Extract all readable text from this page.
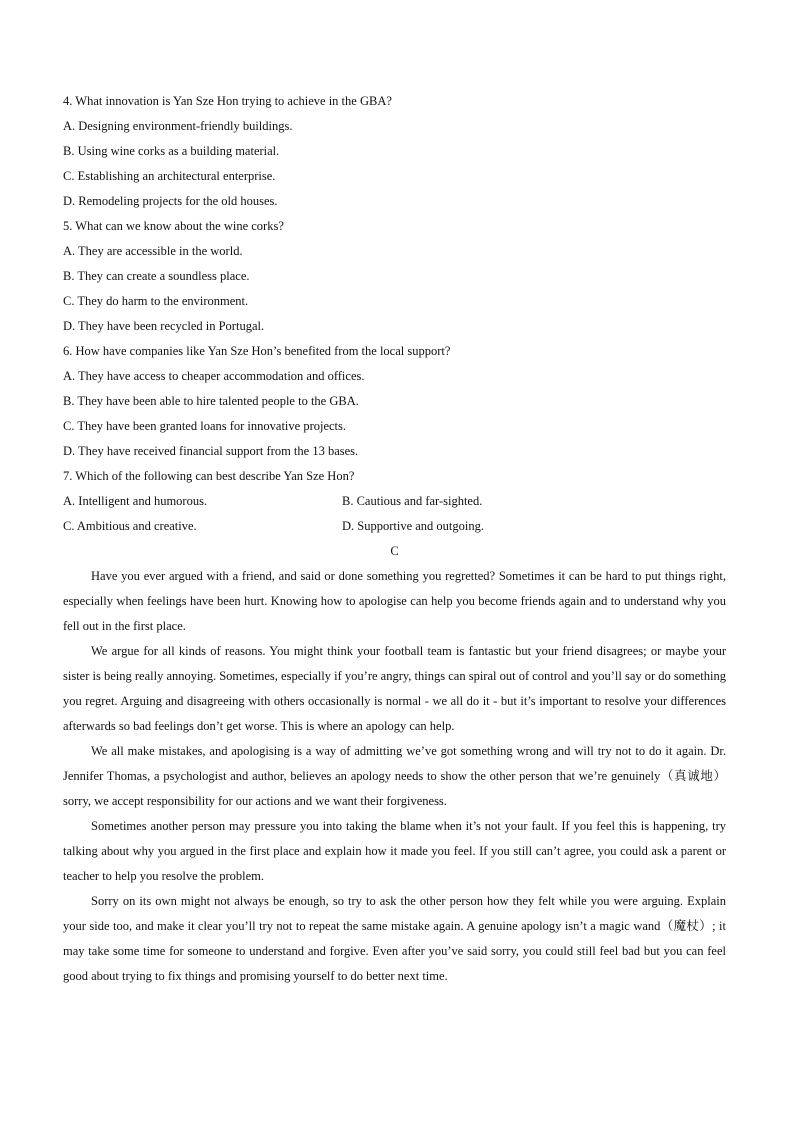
4. What innovation is Yan Sze Hon trying to achieve in the GBA?

A. Designing environment-friendly buildings.

B. Using wine corks as a building material.

C. Establishing an architectural enterprise.

D. Remodeling projects for the old houses.

5. What can we know about the wine corks?

A. They are accessible in the world.

B. They can create a soundless place.

C. They do harm to the environment.

D. They have been recycled in Portugal.

6. How have companies like Yan Sze Hon’s benefited from the local support?

A. They have access to cheaper accommodation and offices.

B. They have been able to hire talented people to the GBA.

C. They have been granted loans for innovative projects.

D. They have received financial support from the 13 bases.

7. Which of the following can best describe Yan Sze Hon?

A. Intelligent and humorous.	B. Cautious and far-sighted.
C. Ambitious and creative.	D. Supportive and outgoing.

C

Have you ever argued with a friend, and said or done something you regretted? Sometimes it can be hard to put things right, especially when feelings have been hurt. Knowing how to apologise can help you become friends again and to understand why you fell out in the first place.

We argue for all kinds of reasons. You might think your football team is fantastic but your friend disagrees; or maybe your sister is being really annoying. Sometimes, especially if you’re angry, things can spiral out of control and you’ll say or do something you regret. Arguing and disagreeing with others occasionally is normal - we all do it - but it’s important to resolve your differences afterwards so bad feelings don’t get worse. This is where an apology can help.

We all make mistakes, and apologising is a way of admitting we’ve got something wrong and will try not to do it again. Dr. Jennifer Thomas, a psychologist and author, believes an apology needs to show the other person that we’re genuinely（真诚地）sorry, we accept responsibility for our actions and we want their forgiveness.

Sometimes another person may pressure you into taking the blame when it’s not your fault. If you feel this is happening, try talking about why you argued in the first place and explain how it made you feel. If you still can’t agree, you could ask a parent or teacher to help you resolve the problem.

Sorry on its own might not always be enough, so try to ask the other person how they felt while you were arguing. Explain your side too, and make it clear you’ll try not to repeat the same mistake again. A genuine apology isn’t a magic wand（魔杖）; it may take some time for someone to understand and forgive. Even after you’ve said sorry, you could still feel bad but you can feel good about trying to fix things and promising yourself to do better next time.
